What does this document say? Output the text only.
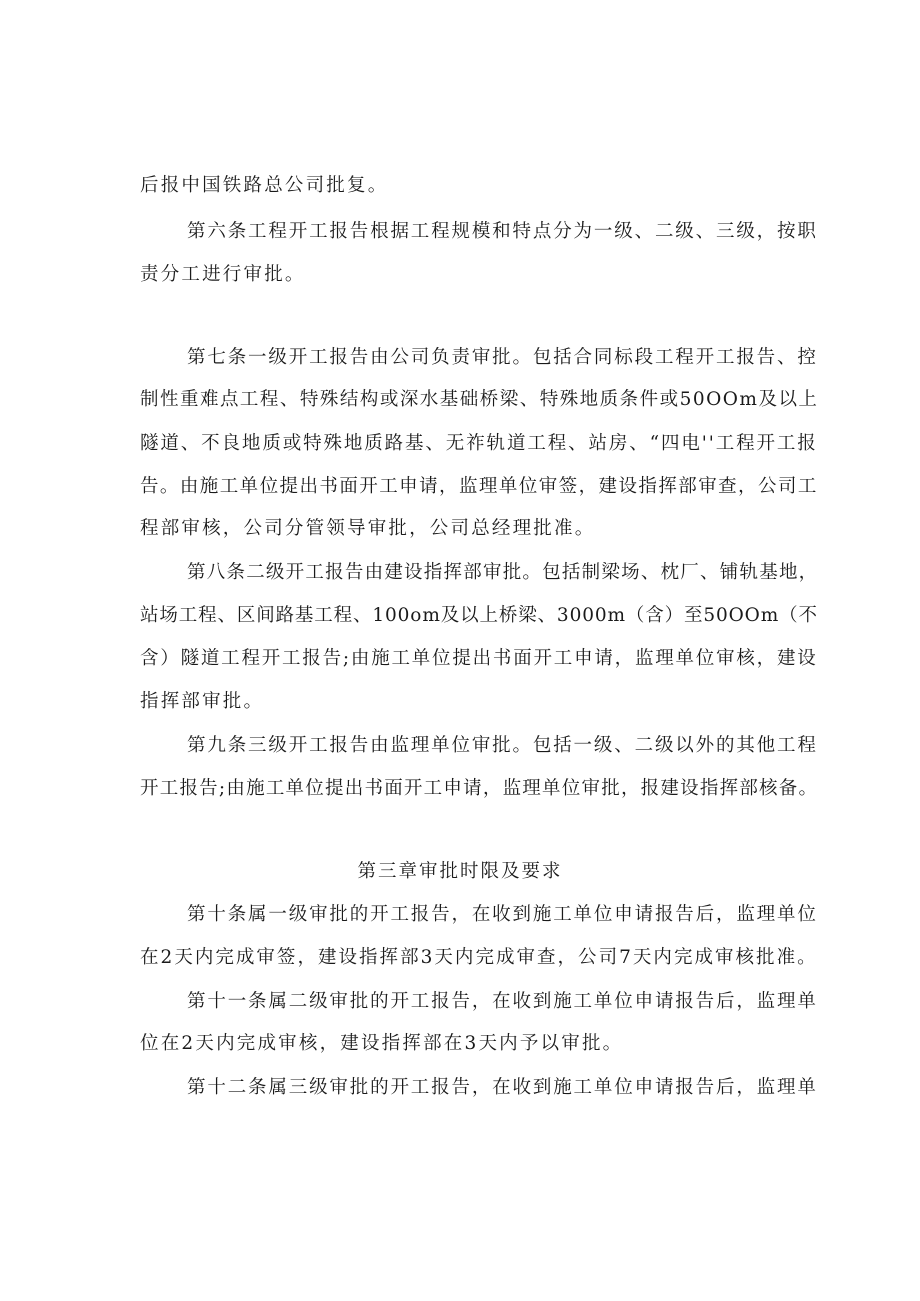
后报中国铁路总公司批复。
第六条工程开工报告根据工程规模和特点分为一级、二级、三级，按职
责分工进行审批。
第七条一级开工报告由公司负责审批。包括合同标段工程开工报告、控
制性重难点工程、特殊结构或深水基础桥梁、特殊地质条件或50OOm及以上
隧道、不良地质或特殊地质路基、无祚轨道工程、站房、“四电''工程开工报
告。由施工单位提出书面开工申请，监理单位审签，建设指挥部审查，公司工
程部审核，公司分管领导审批，公司总经理批准。
第八条二级开工报告由建设指挥部审批。包括制梁场、枕厂、铺轨基地，
站场工程、区间路基工程、100om及以上桥梁、3000m（含）至50OOm（不
含）隧道工程开工报告;由施工单位提出书面开工申请，监理单位审核，建设
指挥部审批。
第九条三级开工报告由监理单位审批。包括一级、二级以外的其他工程
开工报告;由施工单位提出书面开工申请，监理单位审批，报建设指挥部核备。
第三章审批时限及要求
第十条属一级审批的开工报告，在收到施工单位申请报告后，监理单位
在2天内完成审签，建设指挥部3天内完成审查，公司7天内完成审核批准。
第十一条属二级审批的开工报告，在收到施工单位申请报告后，监理单
位在2天内完成审核，建设指挥部在3天内予以审批。
第十二条属三级审批的开工报告，在收到施工单位申请报告后，监理单
